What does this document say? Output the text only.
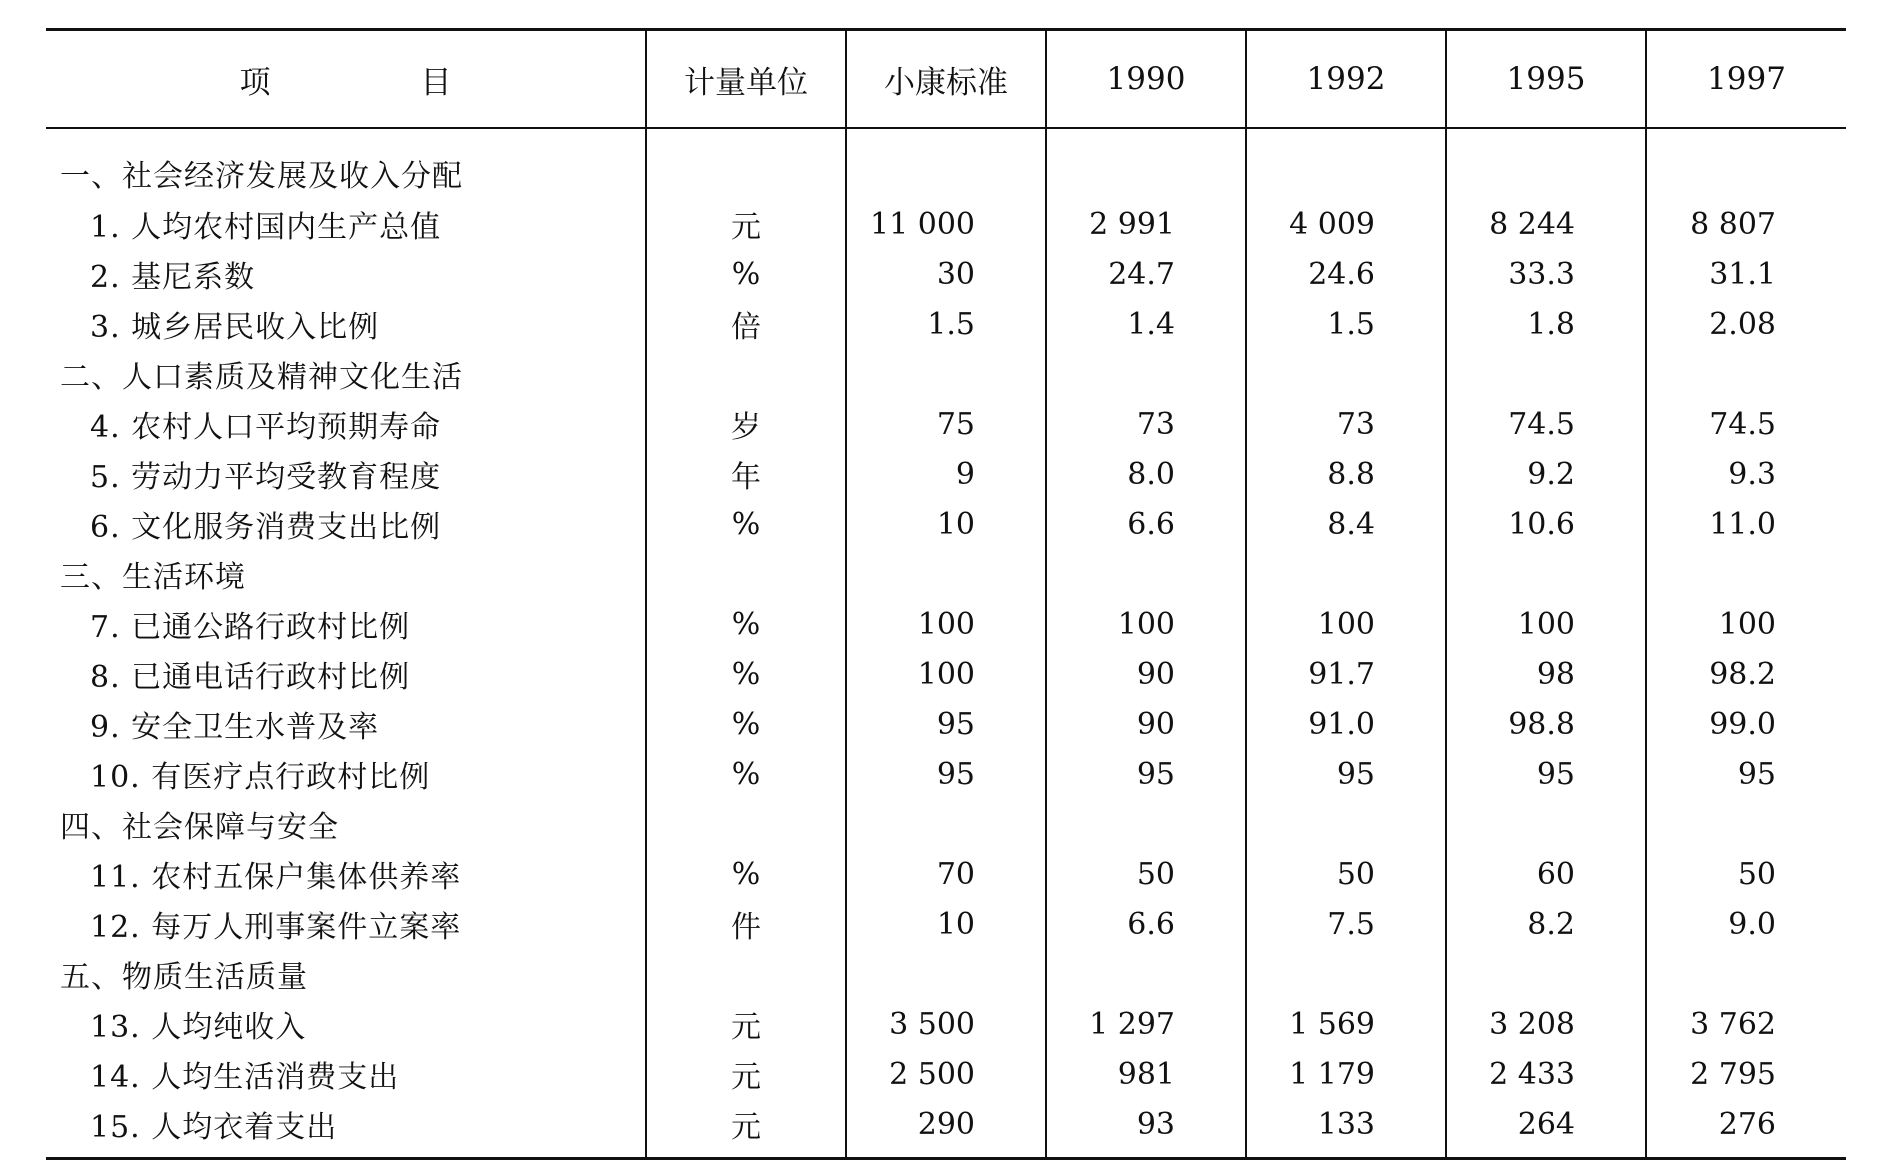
项 目	计量单位	小康标准	1990	1992	1995	1997
一、社会经济发展及收入分配						
1. 人均农村国内生产总值	元	11 000	2 991	4 009	8 244	8 807
2. 基尼系数	%	30	24.7	24.6	33.3	31.1
3. 城乡居民收入比例	倍	1.5	1.4	1.5	1.8	2.08
二、人口素质及精神文化生活						
4. 农村人口平均预期寿命	岁	75	73	73	74.5	74.5
5. 劳动力平均受教育程度	年	9	8.0	8.8	9.2	9.3
6. 文化服务消费支出比例	%	10	6.6	8.4	10.6	11.0
三、生活环境						
7. 已通公路行政村比例	%	100	100	100	100	100
8. 已通电话行政村比例	%	100	90	91.7	98	98.2
9. 安全卫生水普及率	%	95	90	91.0	98.8	99.0
10. 有医疗点行政村比例	%	95	95	95	95	95
四、社会保障与安全						
11. 农村五保户集体供养率	%	70	50	50	60	50
12. 每万人刑事案件立案率	件	10	6.6	7.5	8.2	9.0
五、物质生活质量						
13. 人均纯收入	元	3 500	1 297	1 569	3 208	3 762
14. 人均生活消费支出	元	2 500	981	1 179	2 433	2 795
15. 人均衣着支出	元	290	93	133	264	276
